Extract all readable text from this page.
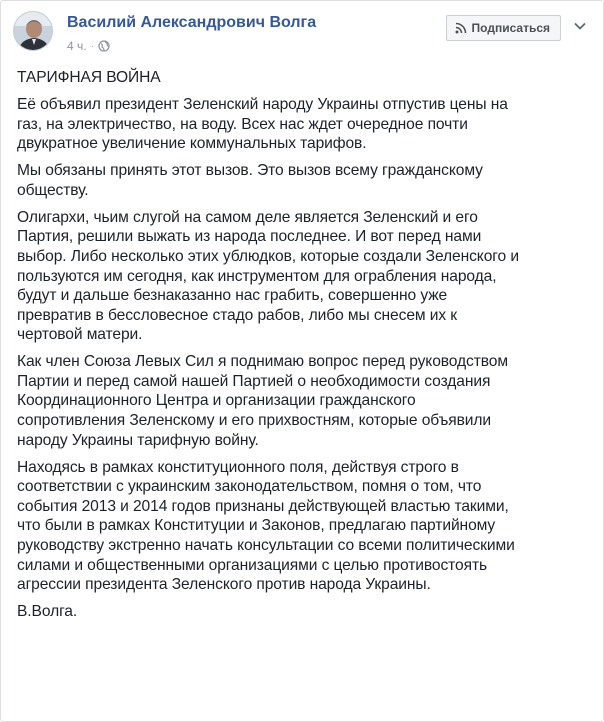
Василий Александрович Волга
4 ч. ·
Подписаться

ТАРИФНАЯ ВОЙНА

Её объявил президент Зеленский народу Украины отпустив цены на
газ, на электричество, на воду. Всех нас ждет очередное почти
двукратное увеличение коммунальных тарифов.

Мы обязаны принять этот вызов. Это вызов всему гражданскому
обществу.

Олигархи, чьим слугой на самом деле является Зеленский и его
Партия, решили выжать из народа последнее. И вот перед нами
выбор. Либо несколько этих ублюдков, которые создали Зеленского и
пользуются им сегодня, как инструментом для ограбления народа,
будут и дальше безнаказанно нас грабить, совершенно уже
превратив в бессловесное стадо рабов, либо мы снесем их к
чертовой матери.

Как член Союза Левых Сил я поднимаю вопрос перед руководством
Партии и перед самой нашей Партией о необходимости создания
Координационного Центра и организации гражданского
сопротивления Зеленскому и его прихвостням, которые объявили
народу Украины тарифную войну.

Находясь в рамках конституционного поля, действуя строго в
соответствии с украинским законодательством, помня о том, что
события 2013 и 2014 годов признаны действующей властью такими,
что были в рамках Конституции и Законов, предлагаю партийному
руководству экстренно начать консультации со всеми политическими
силами и общественными организациями с целью противостоять
агрессии президента Зеленского против народа Украины.

В.Волга.
